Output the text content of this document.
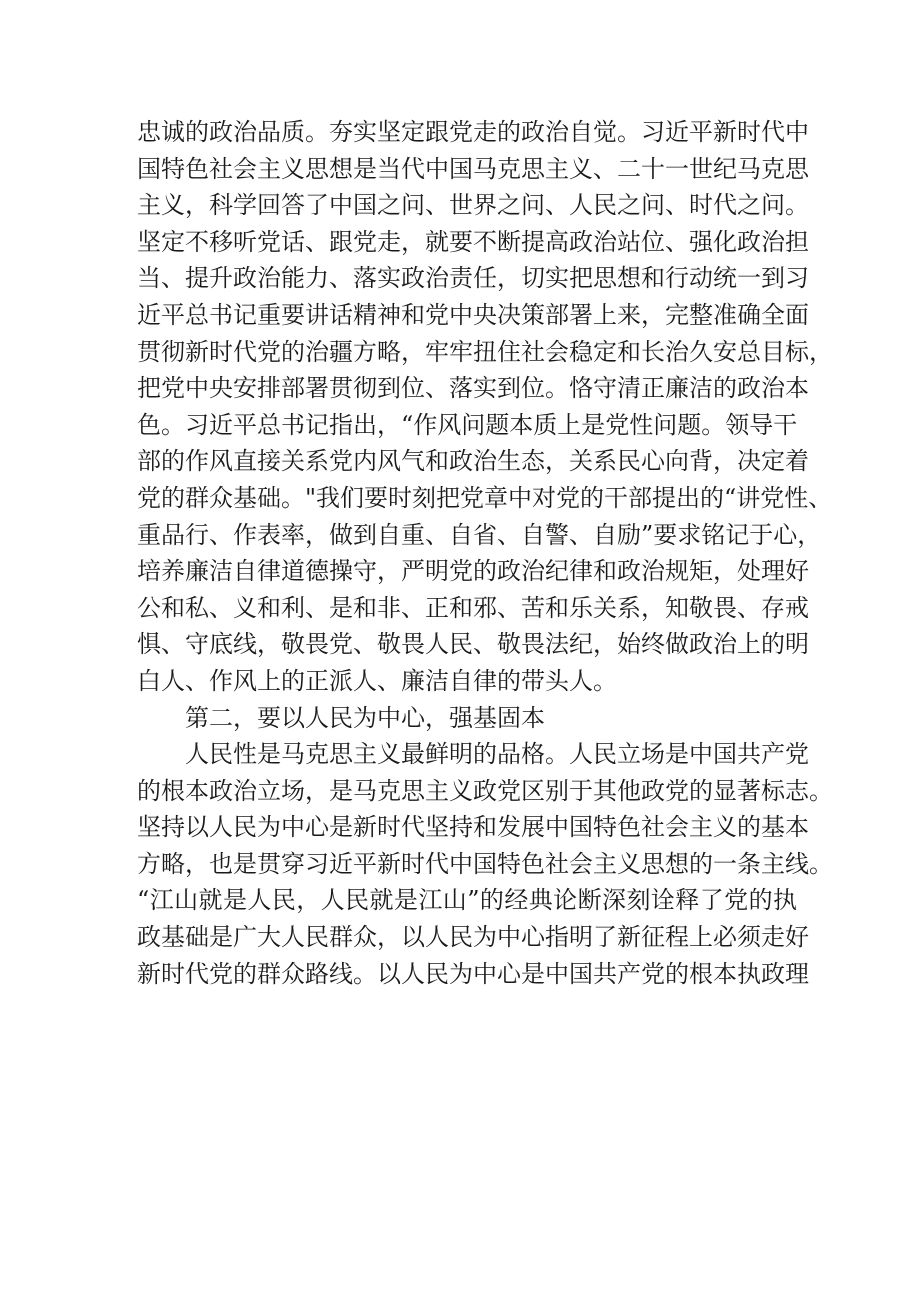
忠诚的政治品质。夯实坚定跟党走的政治自觉。习近平新时代中
国特色社会主义思想是当代中国马克思主义、二十一世纪马克思
主义，科学回答了中国之问、世界之问、人民之问、时代之问。
坚定不移听党话、跟党走，就要不断提高政治站位、强化政治担
当、提升政治能力、落实政治责任，切实把思想和行动统一到习
近平总书记重要讲话精神和党中央决策部署上来，完整准确全面
贯彻新时代党的治疆方略，牢牢扭住社会稳定和长治久安总目标，
把党中央安排部署贯彻到位、落实到位。恪守清正廉洁的政治本
色。习近平总书记指出，“作风问题本质上是党性问题。领导干
部的作风直接关系党内风气和政治生态，关系民心向背，决定着
党的群众基础。"我们要时刻把党章中对党的干部提出的“讲党性、
重品行、作表率，做到自重、自省、自警、自励”要求铭记于心，
培养廉洁自律道德操守，严明党的政治纪律和政治规矩，处理好
公和私、义和利、是和非、正和邪、苦和乐关系，知敬畏、存戒
惧、守底线，敬畏党、敬畏人民、敬畏法纪，始终做政治上的明
白人、作风上的正派人、廉洁自律的带头人。
第二，要以人民为中心，强基固本
人民性是马克思主义最鲜明的品格。人民立场是中国共产党
的根本政治立场，是马克思主义政党区别于其他政党的显著标志。
坚持以人民为中心是新时代坚持和发展中国特色社会主义的基本
方略，也是贯穿习近平新时代中国特色社会主义思想的一条主线。
“江山就是人民，人民就是江山”的经典论断深刻诠释了党的执
政基础是广大人民群众，以人民为中心指明了新征程上必须走好
新时代党的群众路线。以人民为中心是中国共产党的根本执政理
